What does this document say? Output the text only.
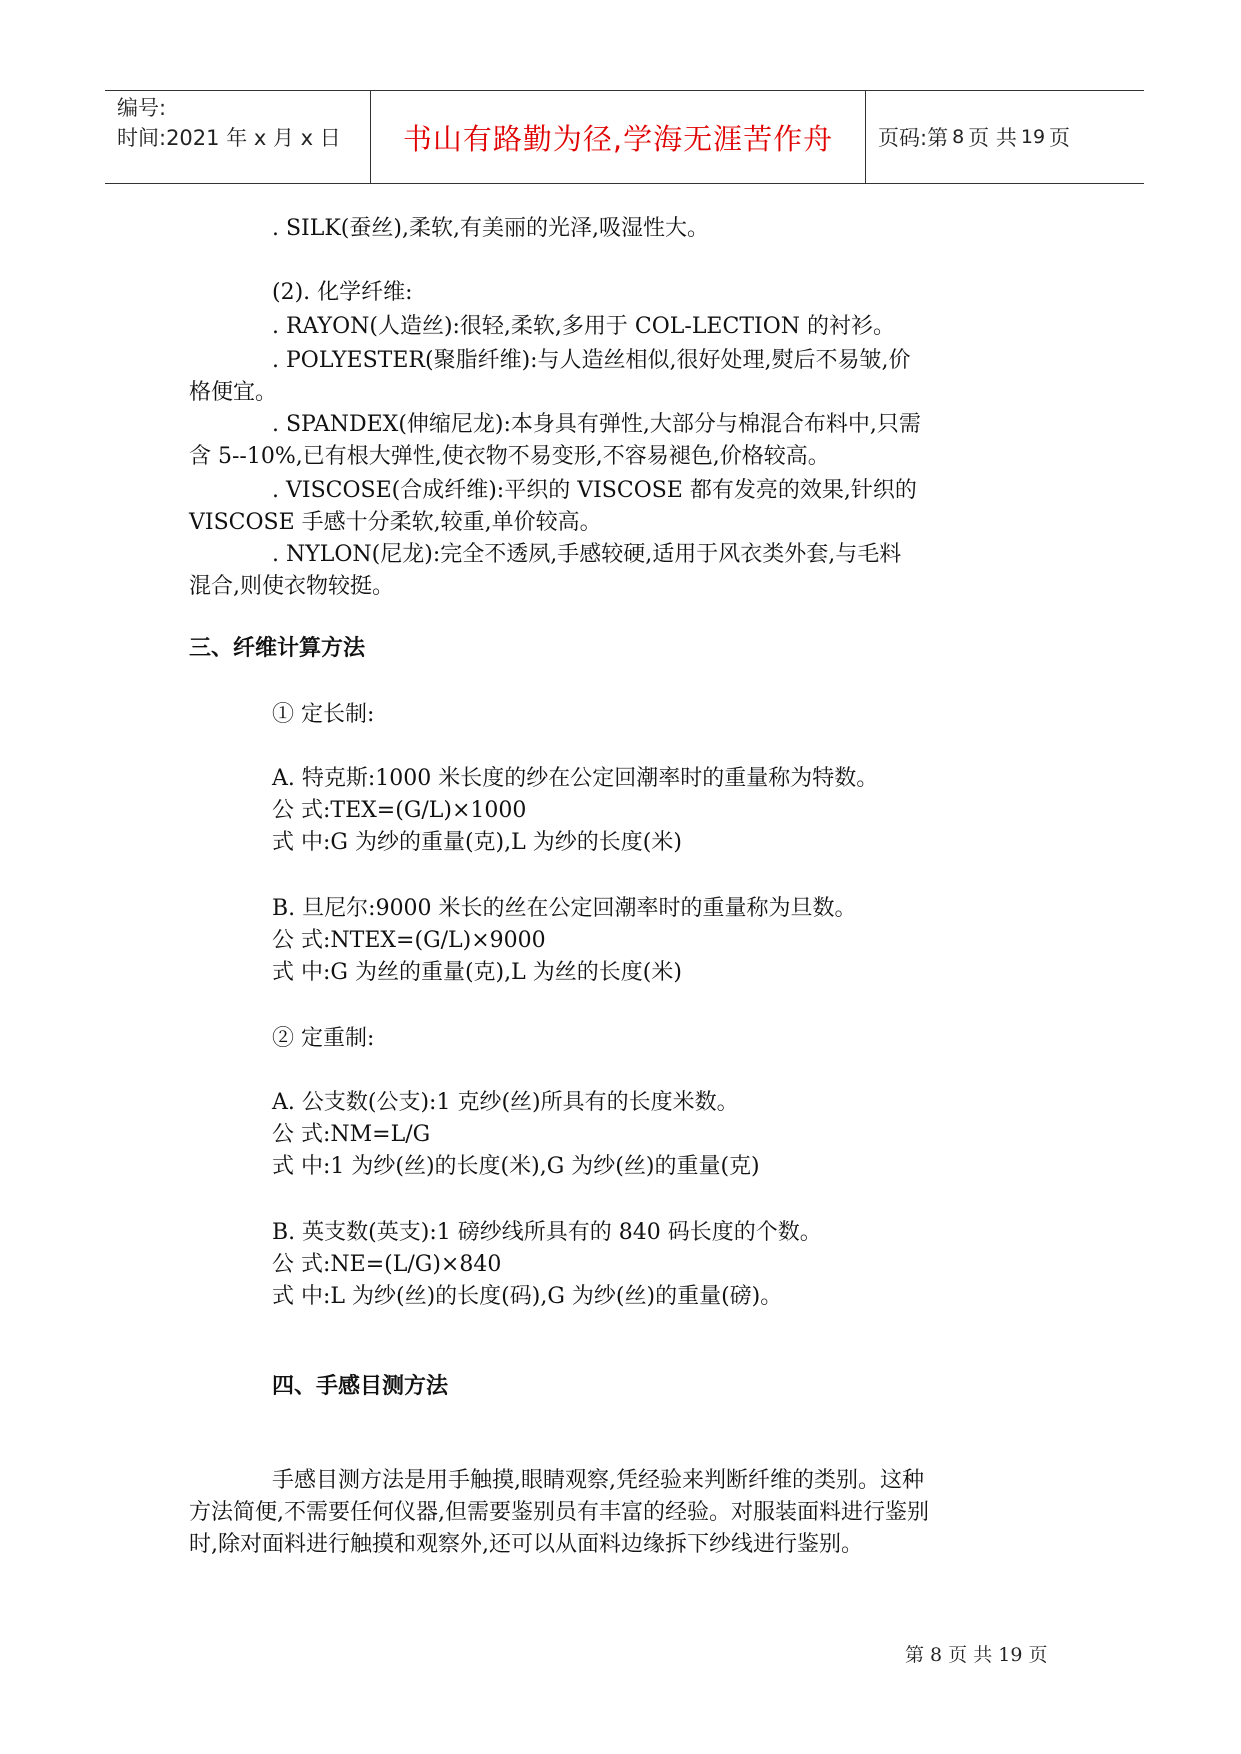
编号:
时间:2021 年 x 月 x 日	书山有路勤为径,学海无涯苦作舟	页码:第 8 页 共 19 页
. SILK(蚕丝),柔软,有美丽的光泽,吸湿性大。
(2). 化学纤维:
. RAYON(人造丝):很轻,柔软,多用于 COL-LECTION 的衬衫。
. POLYESTER(聚脂纤维):与人造丝相似,很好处理,熨后不易皱,价
格便宜。
. SPANDEX(伸缩尼龙):本身具有弹性,大部分与棉混合布料中,只需
含 5--10%,已有根大弹性,使衣物不易变形,不容易褪色,价格较高。
. VISCOSE(合成纤维):平织的 VISCOSE 都有发亮的效果,针织的
VISCOSE 手感十分柔软,较重,单价较高。
. NYLON(尼龙):完全不透夙,手感较硬,适用于风衣类外套,与毛料
混合,则使衣物较挺。
三、纤维计算方法
① 定长制:
A. 特克斯:1000 米长度的纱在公定回潮率时的重量称为特数。
公 式:TEX=(G/L)×1000
式 中:G 为纱的重量(克),L 为纱的长度(米)
B. 旦尼尔:9000 米长的丝在公定回潮率时的重量称为旦数。
公 式:NTEX=(G/L)×9000
式 中:G 为丝的重量(克),L 为丝的长度(米)
② 定重制:
A. 公支数(公支):1 克纱(丝)所具有的长度米数。
公 式:NM=L/G
式 中:1 为纱(丝)的长度(米),G 为纱(丝)的重量(克)
B. 英支数(英支):1 磅纱线所具有的 840 码长度的个数。
公 式:NE=(L/G)×840
式 中:L 为纱(丝)的长度(码),G 为纱(丝)的重量(磅)。
四、手感目测方法
手感目测方法是用手触摸,眼睛观察,凭经验来判断纤维的类别。这种
方法简便,不需要任何仪器,但需要鉴别员有丰富的经验。对服装面料进行鉴别
时,除对面料进行触摸和观察外,还可以从面料边缘拆下纱线进行鉴别。
第 8 页 共 19 页
